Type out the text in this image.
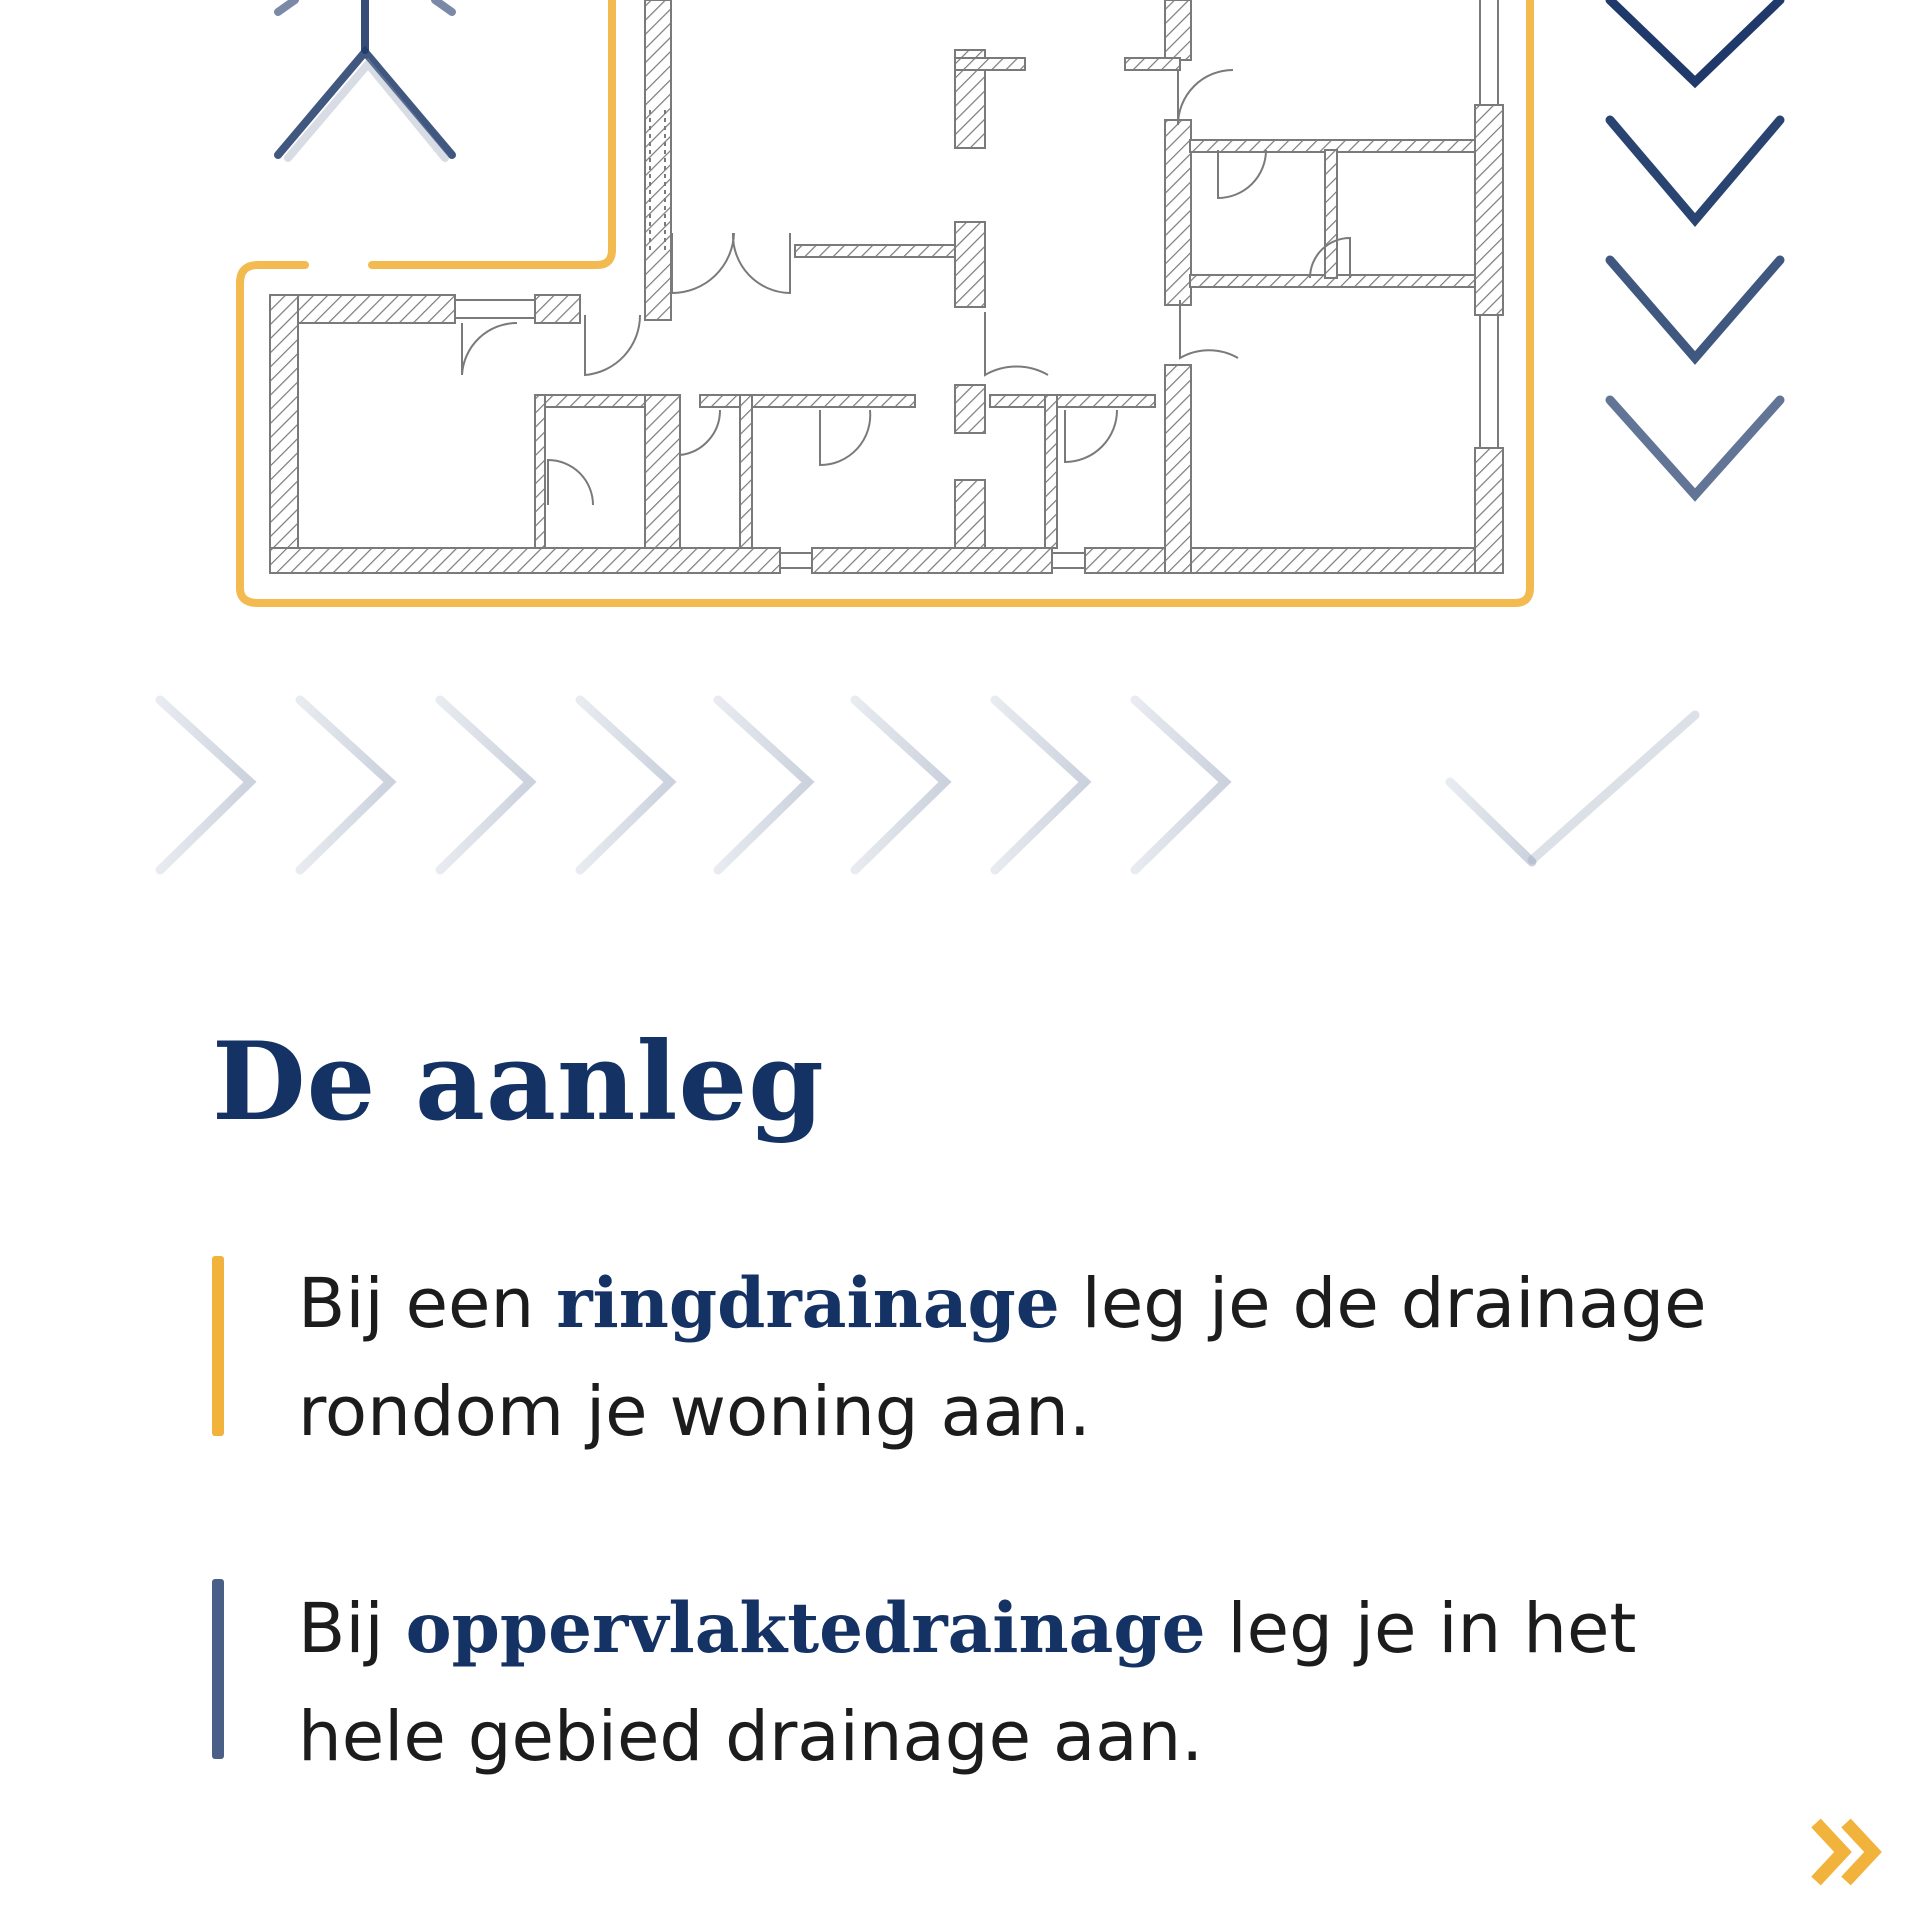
De aanleg
Bij een ringdrainage leg je de drainage rondom je woning aan.
Bij oppervlaktedrainage leg je in het hele gebied drainage aan.
